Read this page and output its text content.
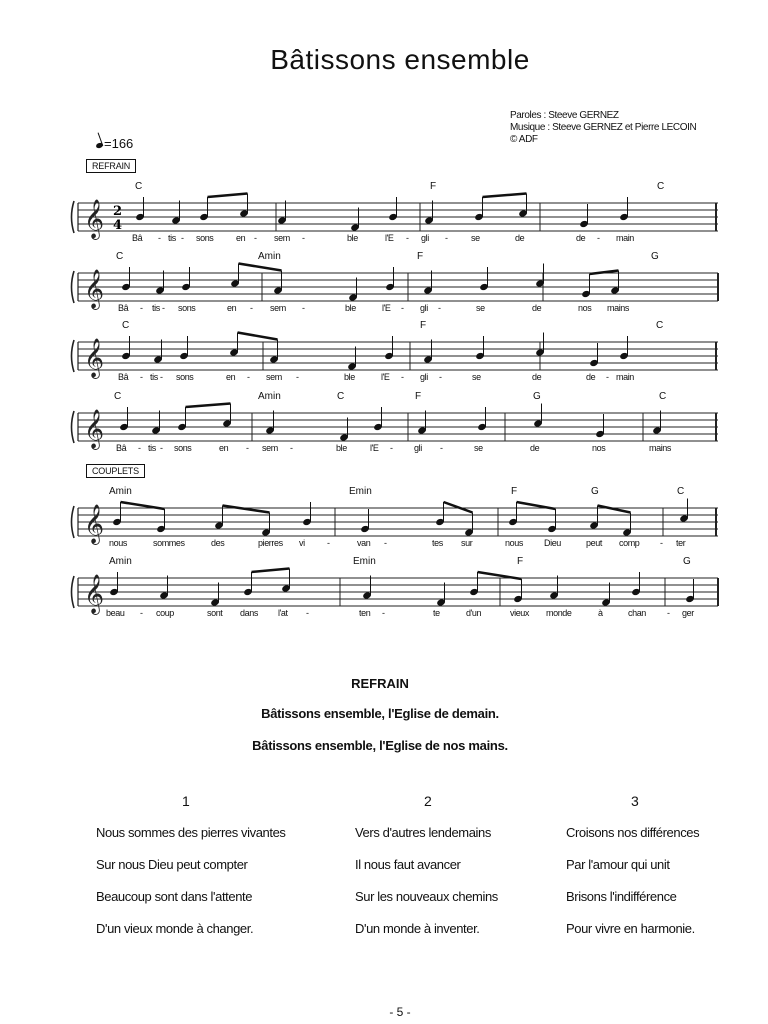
Bâtissons ensemble
Paroles : Steeve GERNEZ
Musique : Steeve GERNEZ et Pierre LECOIN
© ADF
=166
REFRAIN
COUPLETS
𝄞 2
4
𝄞
𝄞
𝄞
𝄞
𝄞
C	F	C
Bâ - tis - sons	en - sem -	ble	l'E - gli -	se	de	de - main
C	Amin	F	G
Bâ - tis - sons	en - sem -	ble	l'E - gli -	se	de	nos mains
C	F	C
Bâ - tis - sons	en - sem -	ble	l'E - gli -	se	de	de - main
C	Amin	C	F	G	C
Bâ - tis - sons	en - sem -	ble	l'E - gli -	se	de	nos	mains
Amin	Emin	F	G	C
nous	sommes	des	pierres vi -	van -	tes sur	nous Dieu	peut comp - ter
Amin	Emin	F	G
beau - coup	sont dans l'at -	ten -	te	d'un	vieux monde	à	chan - ger
REFRAIN
Bâtissons ensemble, l'Eglise de demain.
Bâtissons ensemble, l'Eglise de nos mains.
1	2	3
Nous sommes des pierres vivantes
Sur nous Dieu peut compter
Beaucoup sont dans l'attente
D'un vieux monde à changer.
Vers d'autres lendemains
Il nous faut avancer
Sur les nouveaux chemins
D'un monde à inventer.
Croisons nos différences
Par l'amour qui unit
Brisons l'indifférence
Pour vivre en harmonie.
- 5 -
